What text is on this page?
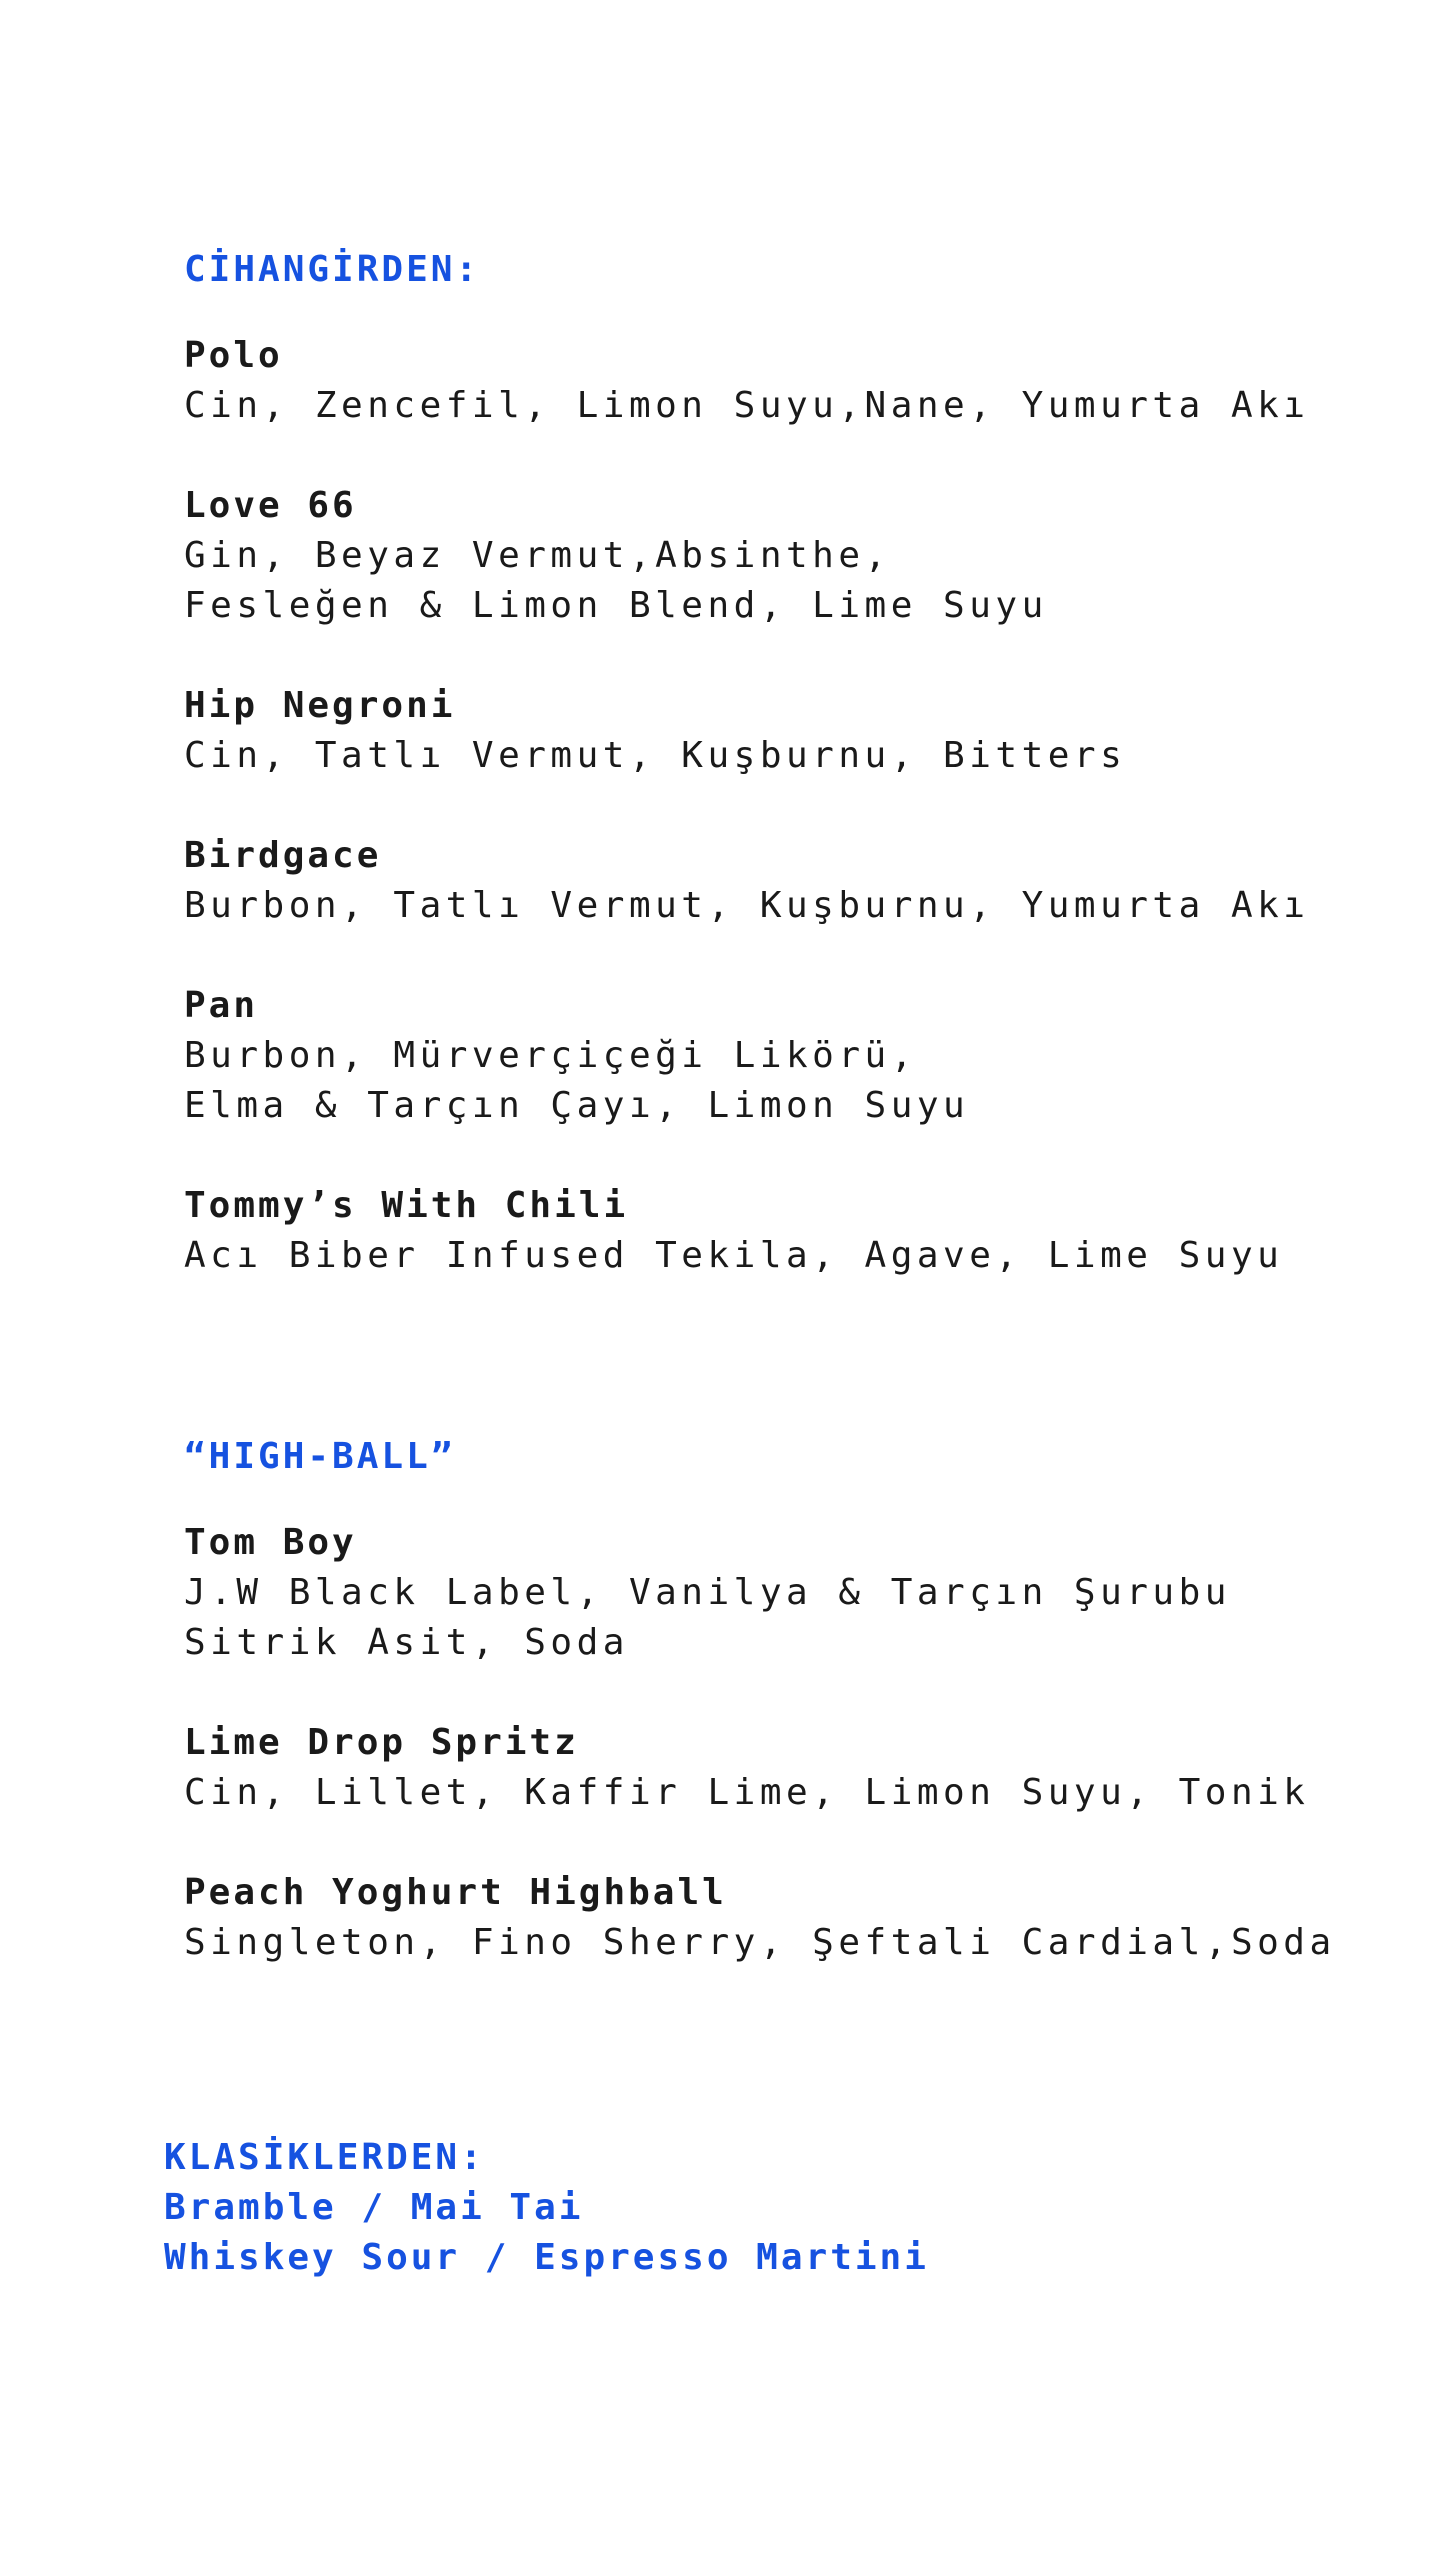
CİHANGİRDEN:
Polo
Cin, Zencefil, Limon Suyu,Nane, Yumurta Akı
Love 66
Gin, Beyaz Vermut,Absinthe,
Fesleğen & Limon Blend, Lime Suyu
Hip Negroni
Cin, Tatlı Vermut, Kuşburnu, Bitters
Birdgace
Burbon, Tatlı Vermut, Kuşburnu, Yumurta Akı
Pan
Burbon, Mürverçiçeği Likörü,
Elma & Tarçın Çayı, Limon Suyu
Tommy’s With Chili
Acı Biber Infused Tekila, Agave, Lime Suyu
“HIGH-BALL”
Tom Boy
J.W Black Label, Vanilya & Tarçın Şurubu
Sitrik Asit, Soda
Lime Drop Spritz
Cin, Lillet, Kaffir Lime, Limon Suyu, Tonik
Peach Yoghurt Highball
Singleton, Fino Sherry, Şeftali Cardial,Soda
KLASİKLERDEN:
Bramble / Mai Tai
Whiskey Sour / Espresso Martini
